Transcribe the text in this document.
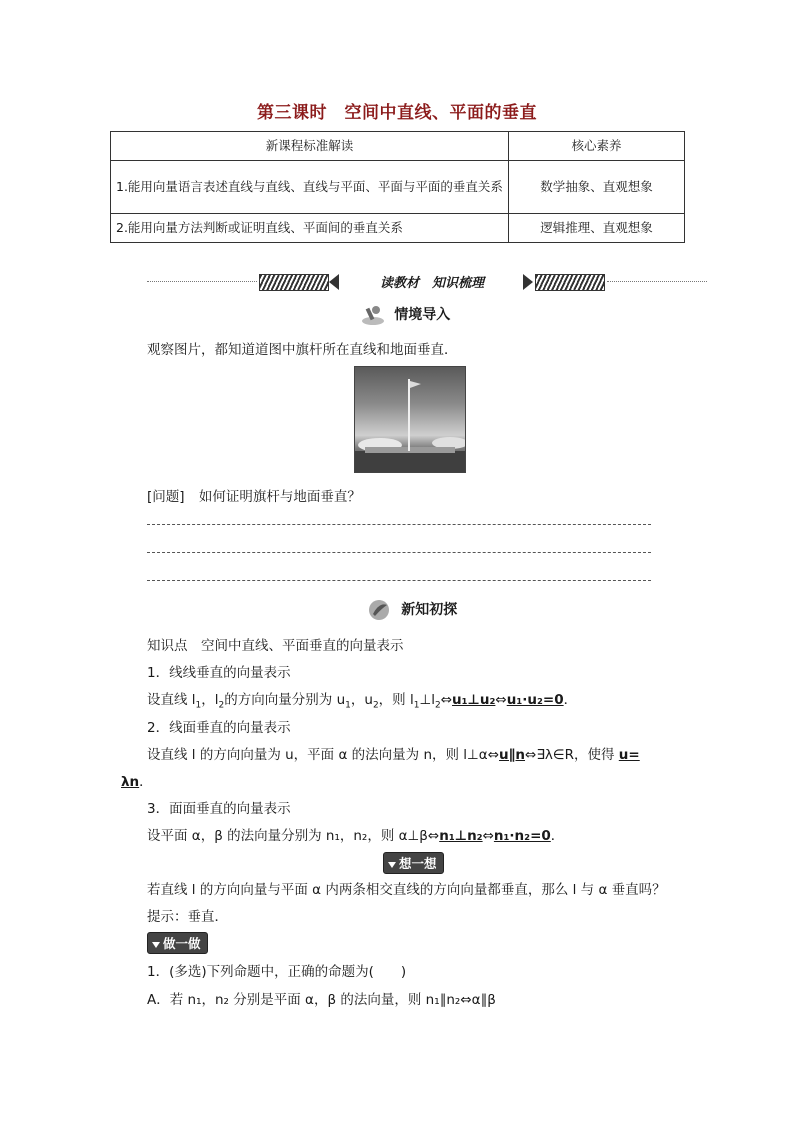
第三课时　空间中直线、平面的垂直
新课程标准解读	核心素养
1.能用向量语言表述直线与直线、直线与平面、平面与平面的垂直关系	数学抽象、直观想象
2.能用向量方法判断或证明直线、平面间的垂直关系	逻辑推理、直观想象
读教材　知识梳理
情境导入
观察图片，都知道道图中旗杆所在直线和地面垂直．
[问题] 如何证明旗杆与地面垂直？
新知初探
知识点　空间中直线、平面垂直的向量表示
1．线线垂直的向量表示
设直线 $l_1$，$l_2$的方向向量分别为 $u_1$，$u_2$，则 $l_1\perp l_2\Leftrightarrow u_1\perp u_2\Leftrightarrow u_1\cdot u_2=0$．
2．线面垂直的向量表示
设直线 l 的方向向量为 u，平面 α 的法向量为 n，则 l⊥α⇔u∥n⇔∃λ∈R，使得 u=
λn．
3．面面垂直的向量表示
设平面 α，β 的法向量分别为 n₁，n₂，则 α⊥β⇔n₁⊥n₂⇔n₁·n₂=0．
想一想
若直线 l 的方向向量与平面 α 内两条相交直线的方向向量都垂直，那么 l 与 α 垂直吗？
提示：垂直．
做一做
1．(多选)下列命题中，正确的命题为(　　)
A．若 n₁，n₂ 分别是平面 α，β 的法向量，则 n₁∥n₂⇔α∥β
